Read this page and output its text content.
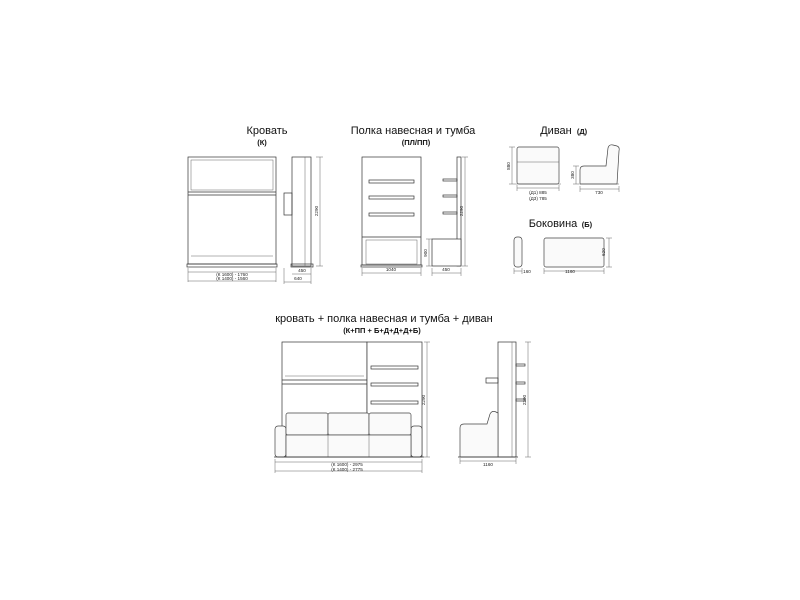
Кровать
(К)
(К 1600) - 1760
(К 1400) - 1560
2290
450
640
Полка навесная и тумба
(ПЛ/ПП)
1040
2290
900
450
Диван (Д)
880
(Д1) 885
(Д3) 785
380
730
Боковина (Б)
160	1160
620
кровать + полка навесная и тумба + диван
(К+ПП + Б+Д+Д+Д+Б)
(К 1600) - 2975
(К 1400) - 2775
2290	2290
1160
